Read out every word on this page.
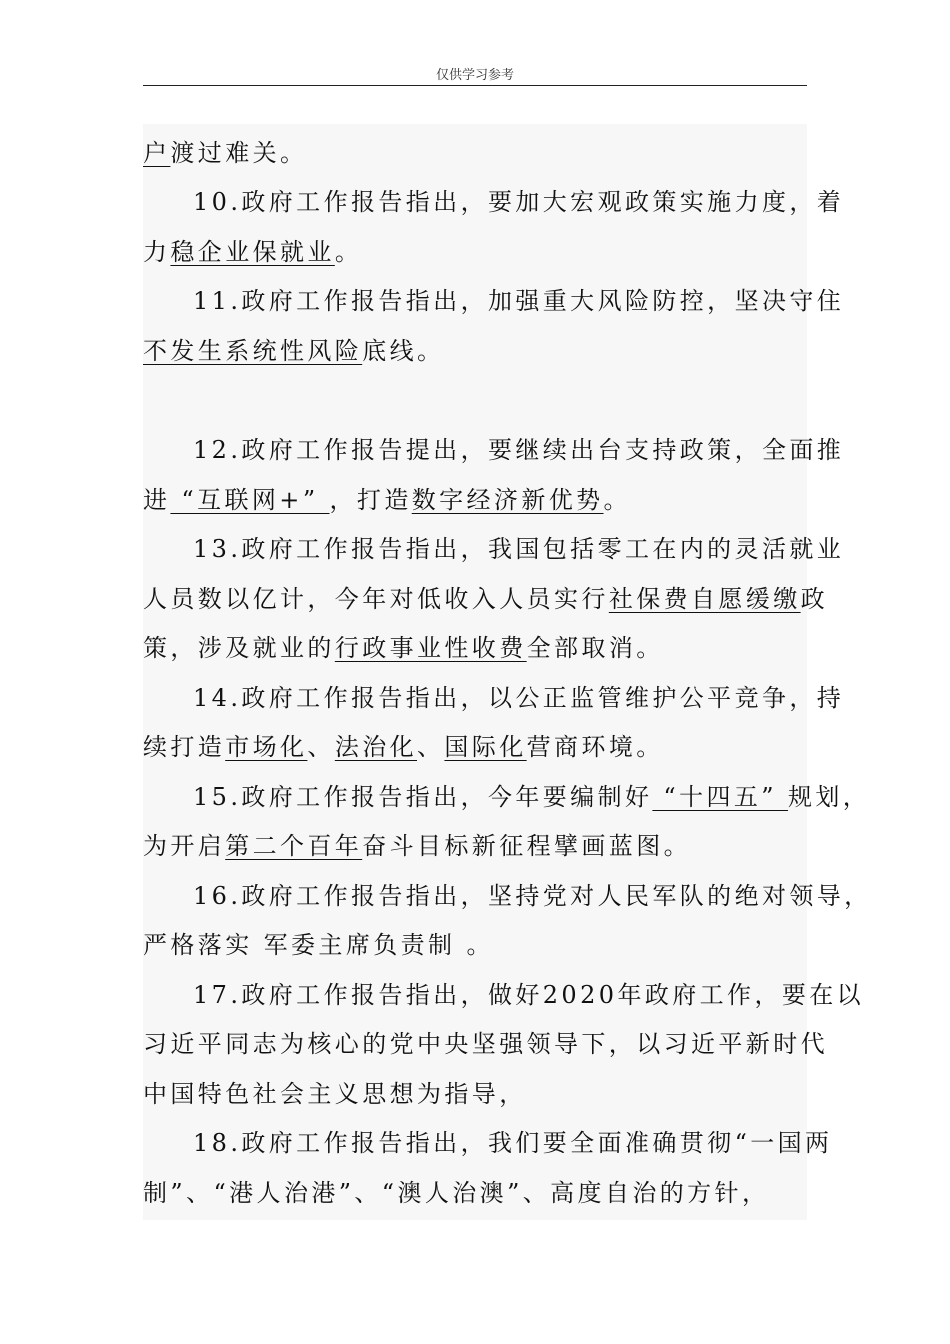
仅供学习参考
户渡过难关。
10.政府工作报告指出，要加大宏观政策实施力度，着
力稳企业保就业。
11.政府工作报告指出，加强重大风险防控，坚决守住
不发生系统性风险底线。
12.政府工作报告提出，要继续出台支持政策，全面推
进 “互联网+” ，打造数字经济新优势。
13.政府工作报告指出，我国包括零工在内的灵活就业
人员数以亿计，今年对低收入人员实行社保费自愿缓缴政
策，涉及就业的行政事业性收费全部取消。
14.政府工作报告指出，以公正监管维护公平竞争，持
续打造市场化、法治化、国际化营商环境。
15.政府工作报告指出，今年要编制好 “十四五” 规划，
为开启第二个百年奋斗目标新征程擘画蓝图。
16.政府工作报告指出，坚持党对人民军队的绝对领导，
严格落实 军委主席负责制 。
17.政府工作报告指出，做好2020年政府工作，要在以
习近平同志为核心的党中央坚强领导下，以习近平新时代
中国特色社会主义思想为指导，
18.政府工作报告指出，我们要全面准确贯彻“一国两
制”、“港人治港”、“澳人治澳”、高度自治的方针，
